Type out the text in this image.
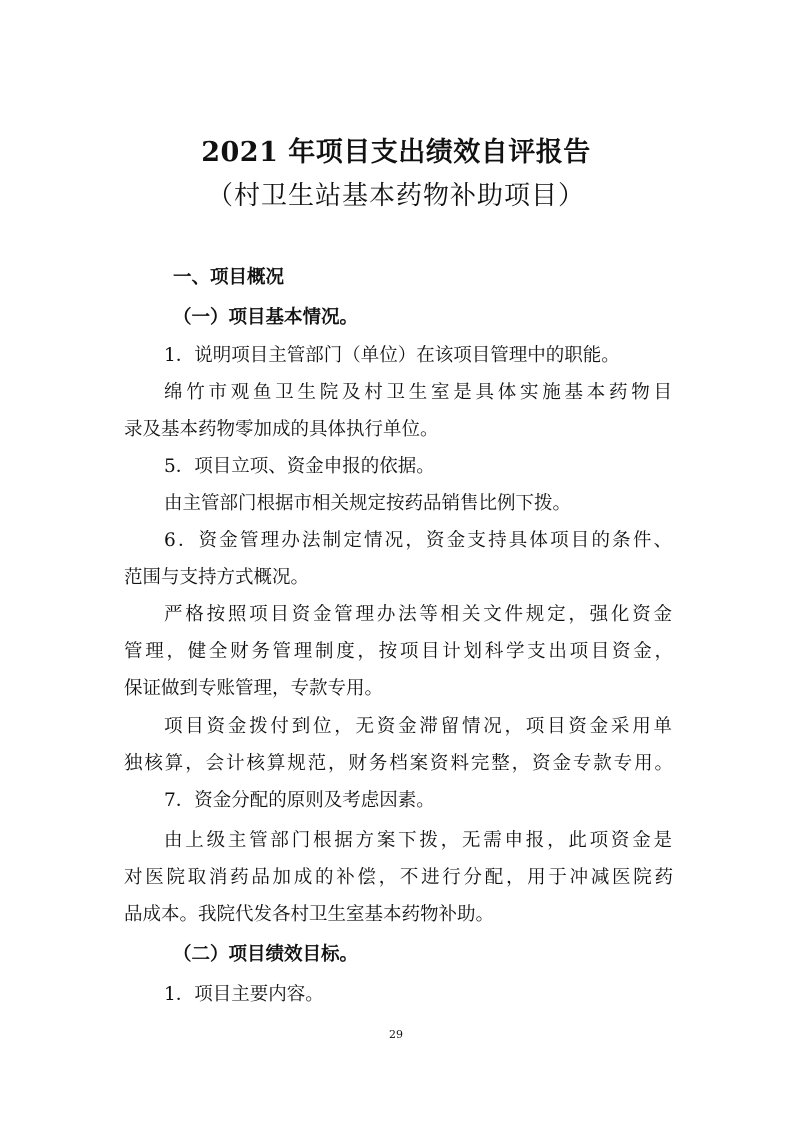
2021 年项目支出绩效自评报告
（村卫生站基本药物补助项目）
一、项目概况
（一）项目基本情况。
1．说明项目主管部门（单位）在该项目管理中的职能。
绵竹市观鱼卫生院及村卫生室是具体实施基本药物目
录及基本药物零加成的具体执行单位。
5．项目立项、资金申报的依据。
由主管部门根据市相关规定按药品销售比例下拨。
6．资金管理办法制定情况，资金支持具体项目的条件、
范围与支持方式概况。
严格按照项目资金管理办法等相关文件规定，强化资金
管理，健全财务管理制度，按项目计划科学支出项目资金，
保证做到专账管理，专款专用。
项目资金拨付到位，无资金滞留情况，项目资金采用单
独核算，会计核算规范，财务档案资料完整，资金专款专用。
7．资金分配的原则及考虑因素。
由上级主管部门根据方案下拨，无需申报，此项资金是
对医院取消药品加成的补偿，不进行分配，用于冲减医院药
品成本。我院代发各村卫生室基本药物补助。
（二）项目绩效目标。
1．项目主要内容。
29
